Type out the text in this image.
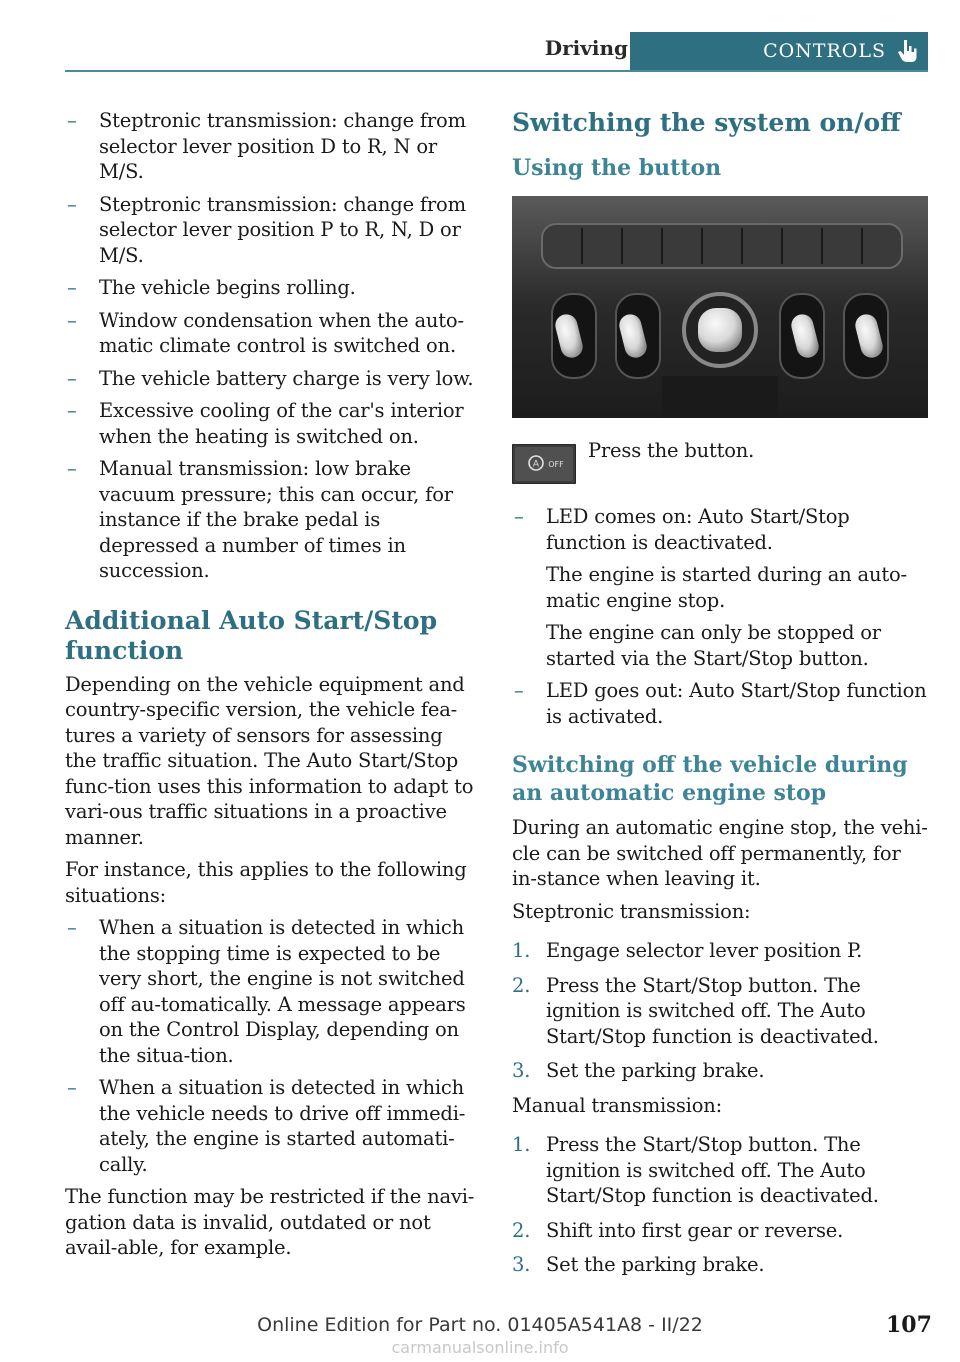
Driving	CONTROLS
– Steptronic transmission: change from selector lever position D to R, N or M/S.
– Steptronic transmission: change from selector lever position P to R, N, D or M/S.
– The vehicle begins rolling.
– Window condensation when the auto‐matic climate control is switched on.
– The vehicle battery charge is very low.
– Excessive cooling of the car's interior when the heating is switched on.
– Manual transmission: low brake vacuum pressure; this can occur, for instance if the brake pedal is depressed a number of times in succession.
Additional Auto Start/Stop function

Depending on the vehicle equipment and country-specific version, the vehicle fea‐tures a variety of sensors for assessing the traffic situation. The Auto Start/Stop func‐tion uses this information to adapt to vari‐ous traffic situations in a proactive manner.

For instance, this applies to the following situations:

– When a situation is detected in which the stopping time is expected to be very short, the engine is not switched off au‐tomatically. A message appears on the Control Display, depending on the situa‐tion.
– When a situation is detected in which the vehicle needs to drive off immedi‐ately, the engine is started automati‐cally.

The function may be restricted if the navi‐gation data is invalid, outdated or not avail‐able, for example.

Switching the system on/off
Using the button
A OFF

Press the button.

– LED comes on: Auto Start/Stop function is deactivated.
The engine is started during an auto‐matic engine stop.
The engine can only be stopped or started via the Start/Stop button.
– LED goes out: Auto Start/Stop function is activated.
Switching off the vehicle during an automatic engine stop

During an automatic engine stop, the vehi‐cle can be switched off permanently, for in‐stance when leaving it.

Steptronic transmission:

1. Engage selector lever position P.
2. Press the Start/Stop button. The ignition is switched off. The Auto Start/Stop function is deactivated.
3. Set the parking brake.

Manual transmission:

1. Press the Start/Stop button. The ignition is switched off. The Auto Start/Stop function is deactivated.
2. Shift into first gear or reverse.
3. Set the parking brake.
Online Edition for Part no. 01405A541A8 - II/22	107
carmanualsonline.info
